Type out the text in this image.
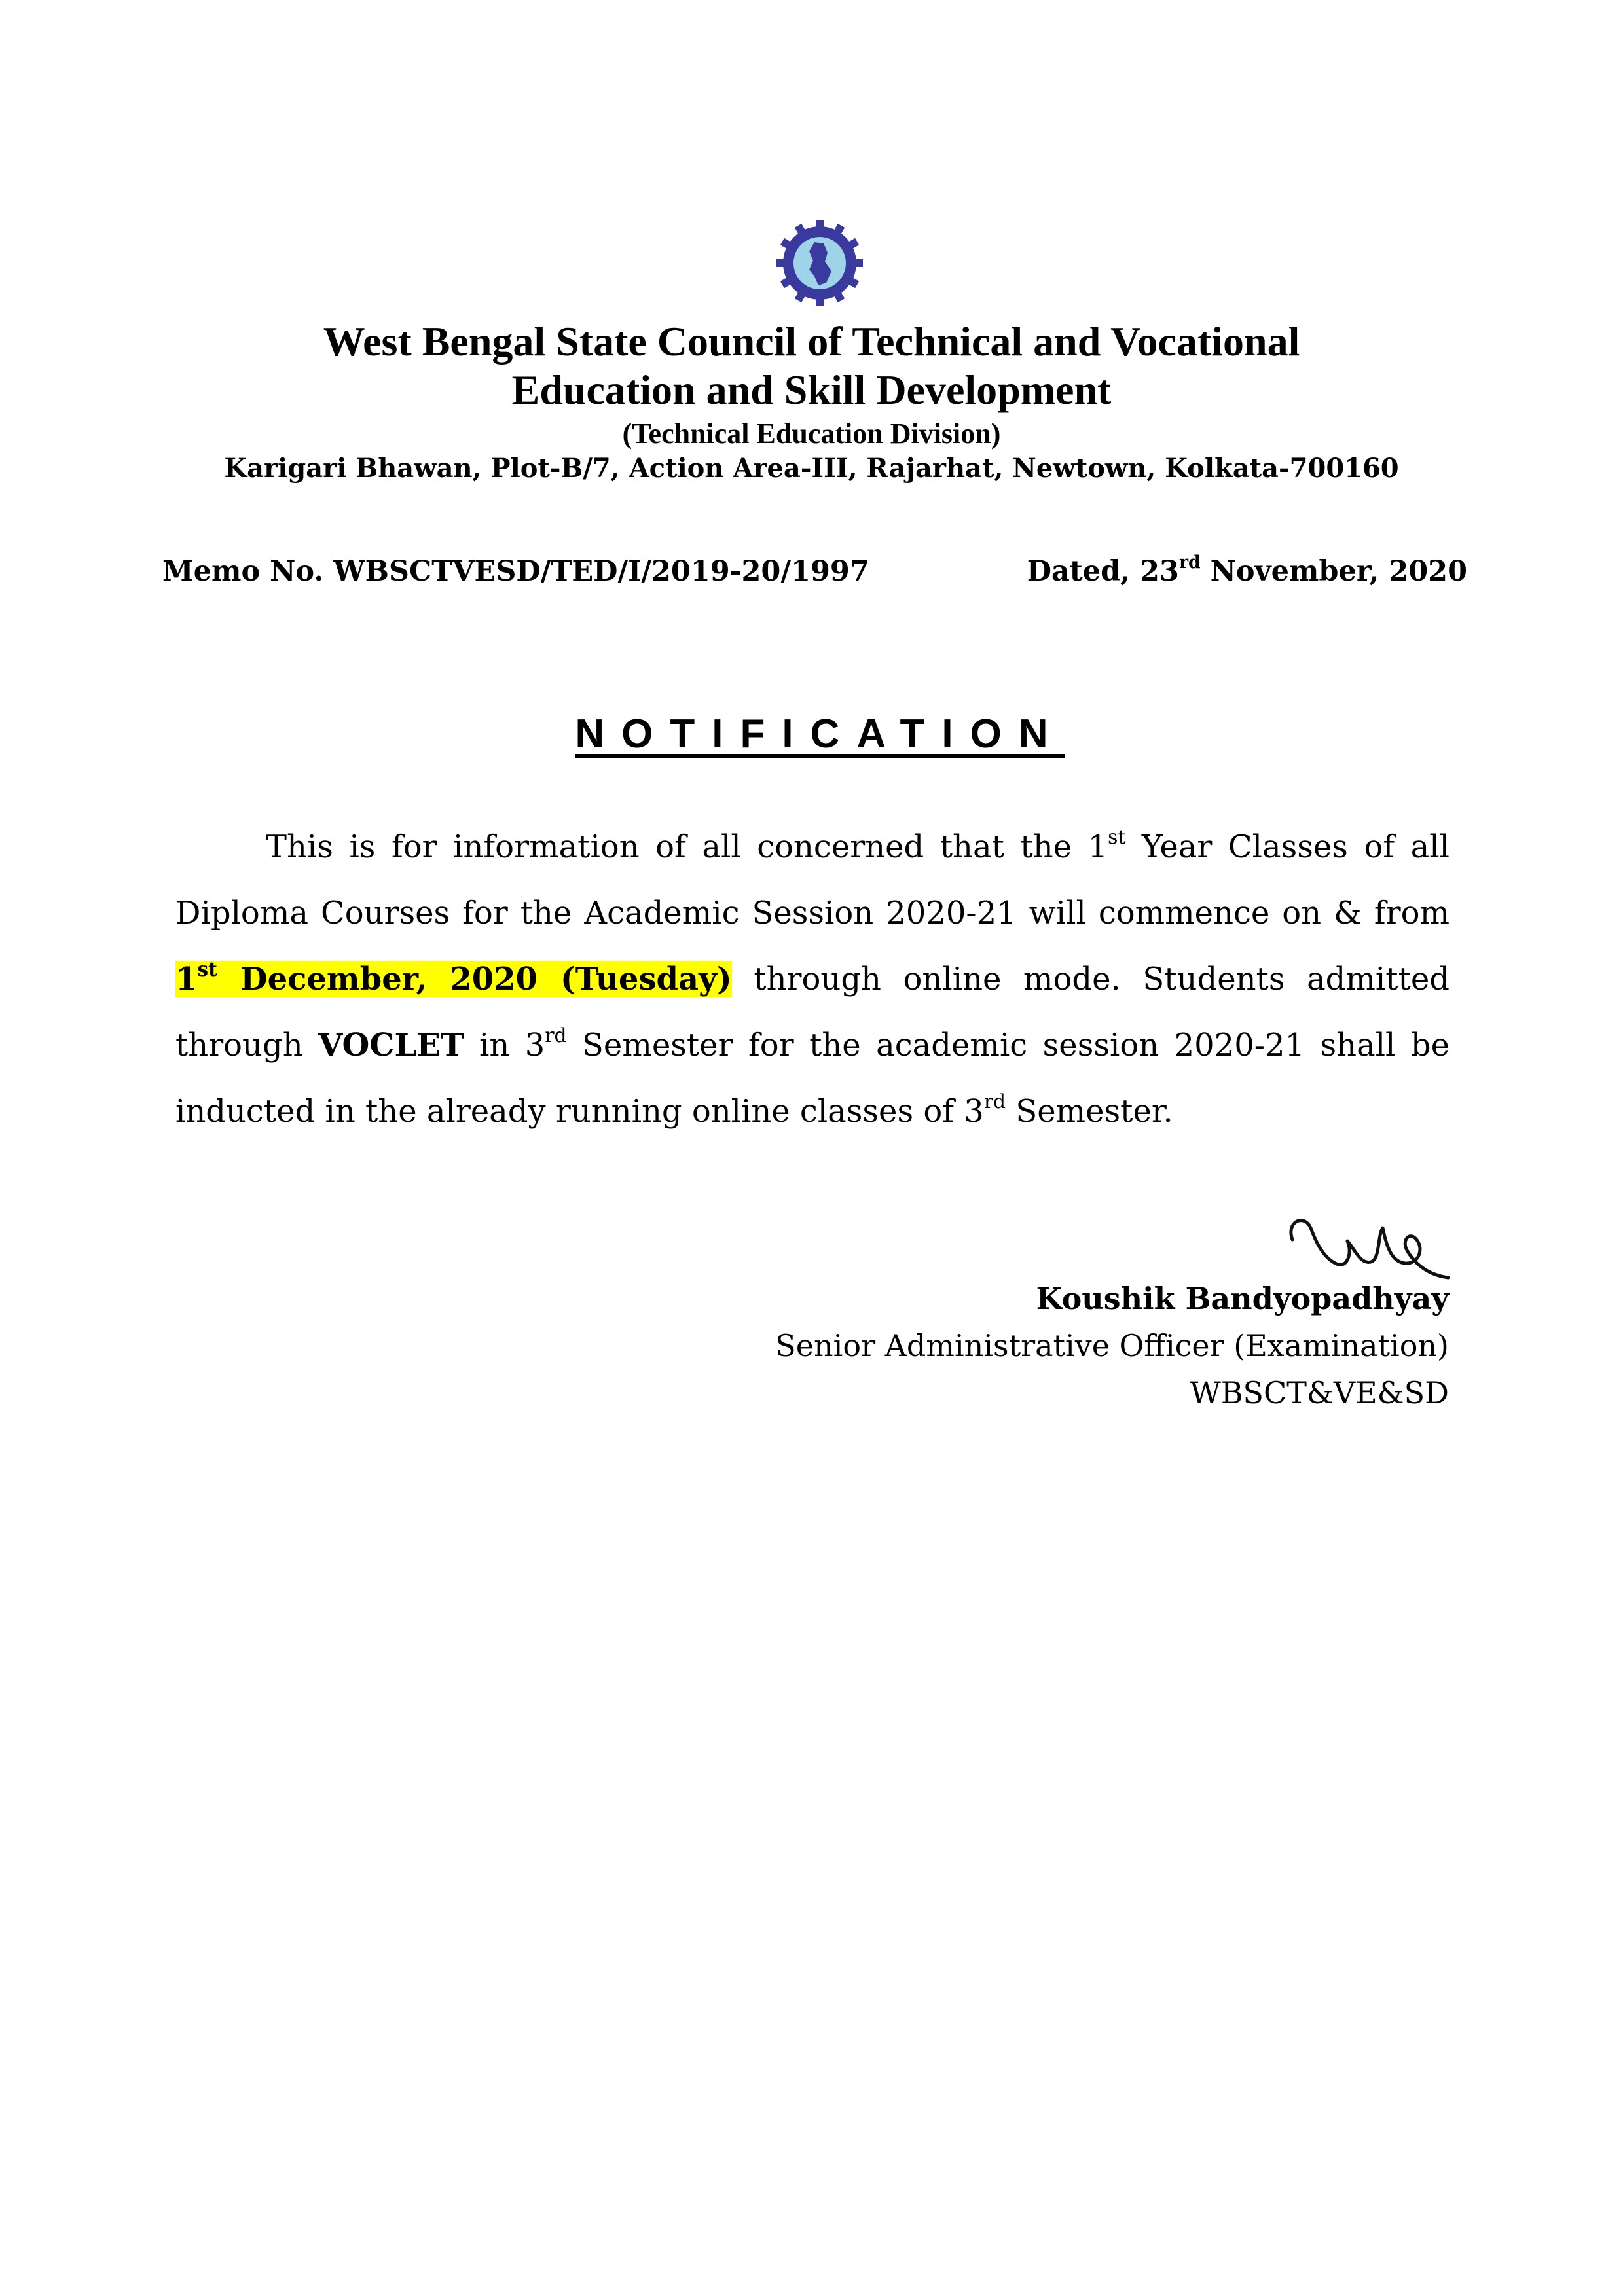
West Bengal State Council of Technical and Vocational
Education and Skill Development
(Technical Education Division)
Karigari Bhawan, Plot-B/7, Action Area-III, Rajarhat, Newtown, Kolkata-700160
Memo No. WBSCTVESD/TED/I/2019-20/1997	Dated, 23rd November, 2020
NOTIFICATION

This is for information of all concerned that the 1st Year Classes of all Diploma Courses for the Academic Session 2020-21 will commence on & from 1st December, 2020 (Tuesday) through online mode. Students admitted through VOCLET in 3rd Semester for the academic session 2020-21 shall be inducted in the already running online classes of 3rd Semester.

Koushik Bandyopadhyay
Senior Administrative Officer (Examination)
WBSCT&VE&SD
